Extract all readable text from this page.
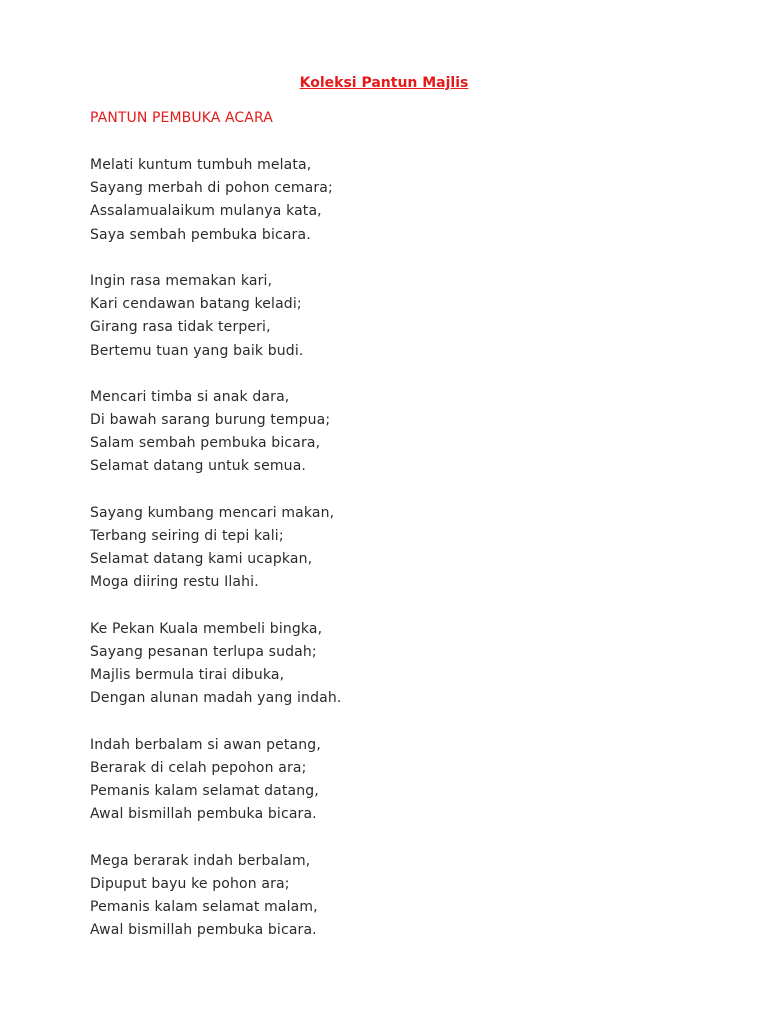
Koleksi Pantun Majlis
PANTUN PEMBUKA ACARA
Melati kuntum tumbuh melata,
Sayang merbah di pohon cemara;
Assalamualaikum mulanya kata,
Saya sembah pembuka bicara.
Ingin rasa memakan kari,
Kari cendawan batang keladi;
Girang rasa tidak terperi,
Bertemu tuan yang baik budi.
Mencari timba si anak dara,
Di bawah sarang burung tempua;
Salam sembah pembuka bicara,
Selamat datang untuk semua.
Sayang kumbang mencari makan,
Terbang seiring di tepi kali;
Selamat datang kami ucapkan,
Moga diiring restu Ilahi.
Ke Pekan Kuala membeli bingka,
Sayang pesanan terlupa sudah;
Majlis bermula tirai dibuka,
Dengan alunan madah yang indah.
Indah berbalam si awan petang,
Berarak di celah pepohon ara;
Pemanis kalam selamat datang,
Awal bismillah pembuka bicara.
Mega berarak indah berbalam,
Dipuput bayu ke pohon ara;
Pemanis kalam selamat malam,
Awal bismillah pembuka bicara.
